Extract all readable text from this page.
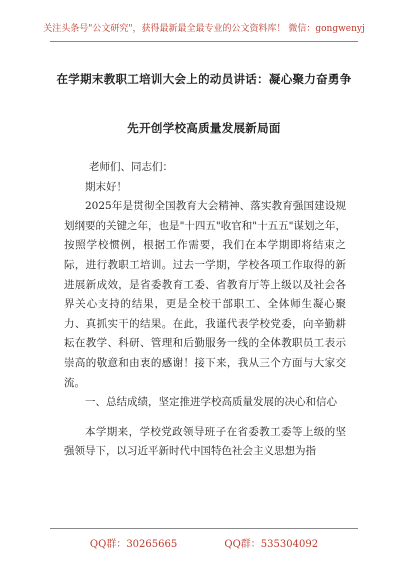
关注头条号"公文研究"，获得最新最全最专业的公文资料库！ 微信：gongwenyj
在学期末教职工培训大会上的动员讲话：凝心聚力奋勇争
先开创学校高质量发展新局面

老师们、同志们：

期末好！

2025年是贯彻全国教育大会精神、落实教育强国建设规划纲要的关键之年，也是"十四五"收官和"十五五"谋划之年，按照学校惯例，根据工作需要，我们在本学期即将结束之际，进行教职工培训。过去一学期，学校各项工作取得的新进展新成效，是省委教育工委、省教育厅等上级以及社会各界关心支持的结果，更是全校干部职工、全体师生凝心聚力、真抓实干的结果。在此，我谨代表学校党委，向辛勤耕耘在教学、科研、管理和后勤服务一线的全体教职员工表示崇高的敬意和由衷的感谢！接下来，我从三个方面与大家交流。

一、总结成绩，坚定推进学校高质量发展的决心和信心

本学期来，学校党政领导班子在省委教工委等上级的坚强领导下，以习近平新时代中国特色社会主义思想为指

QQ群：30265665	QQ群：535304092
